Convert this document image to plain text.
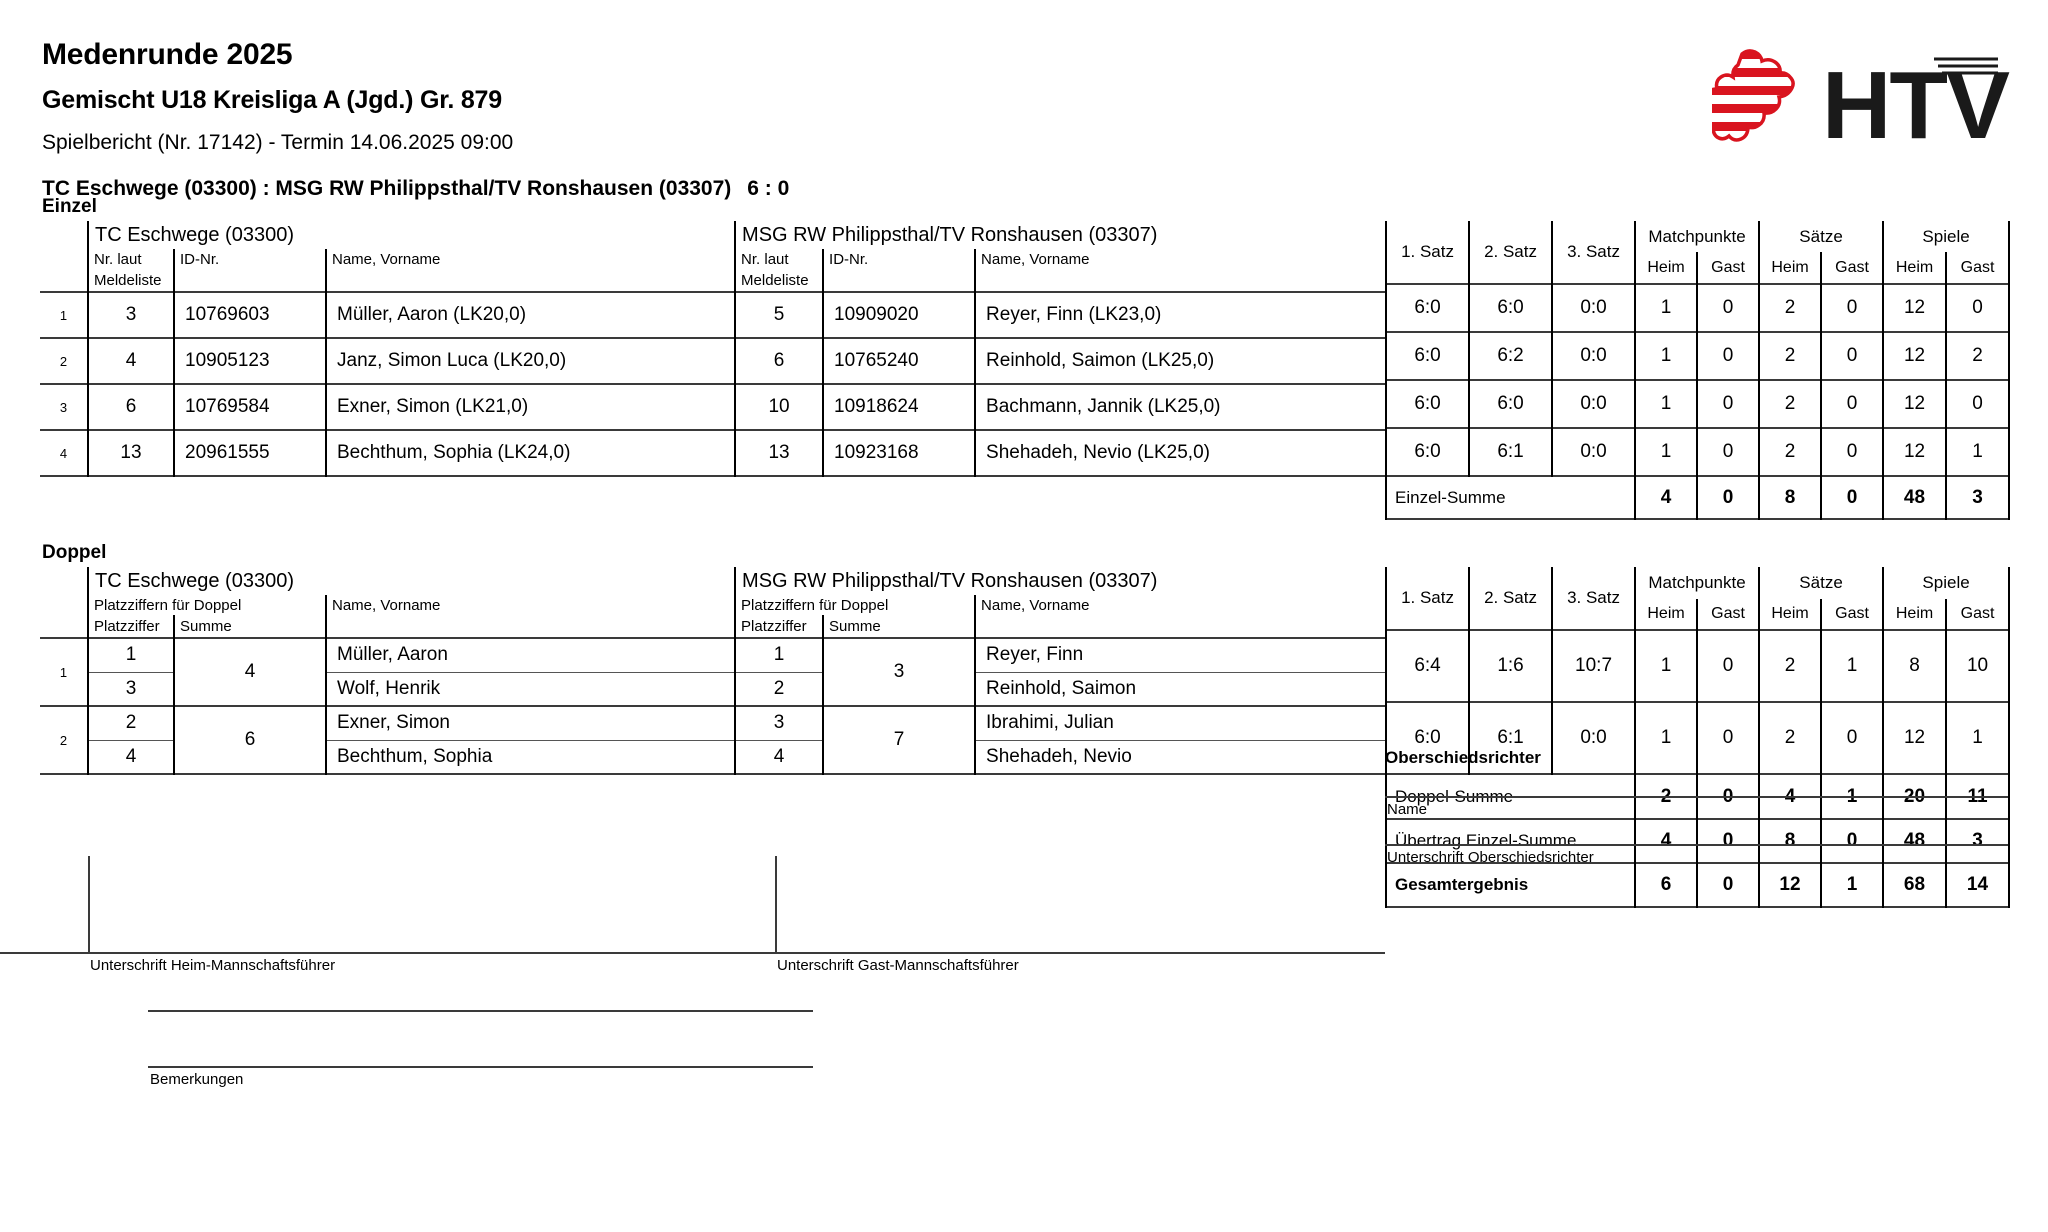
Medenrunde 2025
Gemischt U18 Kreisliga A (Jgd.) Gr. 879
Spielbericht (Nr. 17142) - Termin 14.06.2025 09:00	HTV
TC Eschwege (03300) : MSG RW Philippsthal/TV Ronshausen (03307) 6 : 0
Einzel
	TC Eschwege (03300)			MSG RW Philippsthal/TV Ronshausen (03307)		
	Nr. laut	ID-Nr.	Name, Vorname	Nr. laut	ID-Nr.	Name, Vorname
	Meldeliste			Meldeliste		
1	3	10769603	Müller, Aaron (LK20,0)	5	10909020	Reyer, Finn (LK23,0)
2	4	10905123	Janz, Simon Luca (LK20,0)	6	10765240	Reinhold, Saimon (LK25,0)
3	6	10769584	Exner, Simon (LK21,0)	10	10918624	Bachmann, Jannik (LK25,0)
4	13	20961555	Bechthum, Sophia (LK24,0)	13	10923168	Shehadeh, Nevio (LK25,0)
1. Satz	2. Satz	3. Satz	Matchpunkte		Sätze		Spiele	
			Heim	Gast	Heim	Gast	Heim	Gast
6:0	6:0	0:0	1	0	2	0	12	0
6:0	6:2	0:0	1	0	2	0	12	2
6:0	6:0	0:0	1	0	2	0	12	0
6:0	6:1	0:0	1	0	2	0	12	1
Einzel-Summe	4	0	8	0	48	3
Doppel
	TC Eschwege (03300)			MSG RW Philippsthal/TV Ronshausen (03307)		
	Platzziffern für Doppel		Name, Vorname	Platzziffern für Doppel		Name, Vorname
	Platzziffer	Summe		Platzziffer	Summe	
1	1	4	Müller, Aaron	1	3	Reyer, Finn
	3		Wolf, Henrik	2		Reinhold, Saimon
2	2	6	Exner, Simon	3	7	Ibrahimi, Julian
	4		Bechthum, Sophia	4		Shehadeh, Nevio
1. Satz	2. Satz	3. Satz	Matchpunkte		Sätze		Spiele	
			Heim	Gast	Heim	Gast	Heim	Gast
6:4	1:6	10:7	1	0	2	1	8	10
6:0	6:1	0:0	1	0	2	0	12	1
Doppel-Summe	2	0	4	1	20	11
Übertrag Einzel-Summe	4	0	8	0	48	3
Gesamtergebnis	6	0	12	1	68	14
Unterschrift Heim-Mannschaftsführer	Unterschrift Gast-Mannschaftsführer
Bemerkungen
Oberschiedsrichter
Name
Unterschrift Oberschiedsrichter
